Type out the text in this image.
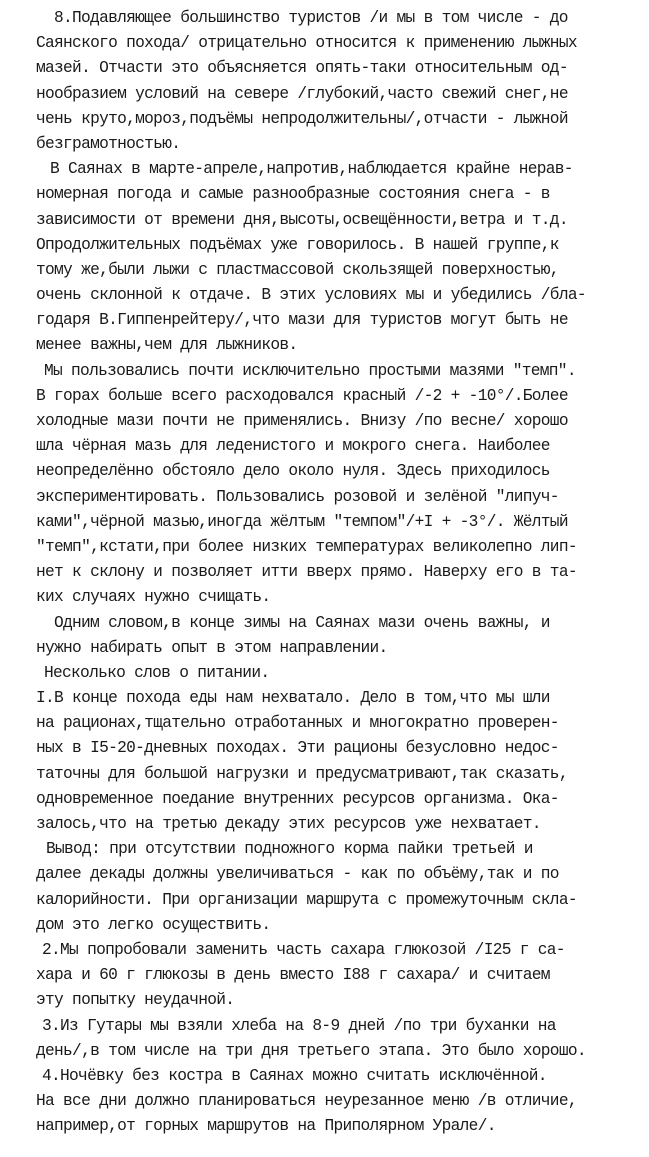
8.Подавляющее большинство туристов /и мы в том числе - до
Саянского похода/ отрицательно относится к применению лыжных
мазей. Отчасти это объясняется опять-таки относительным од-
нообразием условий на севере /глубокий,часто свежий снег,не
чень круто,мороз,подъёмы непродолжительны/,отчасти - лыжной
безграмотностью.
В Саянах в марте-апреле,напротив,наблюдается крайне нерав-
номерная погода и самые разнообразные состояния снега - в
зависимости от времени дня,высоты,освещённости,ветра и т.д.
Опродолжительных подъёмах уже говорилось. В нашей группе,к
тому же,были лыжи с пластмассовой скользящей поверхностью,
очень склонной к отдаче. В этих условиях мы и убедились /бла-
годаря В.Гиппенрейтеру/,что мази для туристов могут быть не
менее важны,чем для лыжников.
Мы пользовались почти исключительно простыми мазями "темп".
В горах больше всего расходовался красный /-2 + -10°/.Более
холодные мази почти не применялись. Внизу /по весне/ хорошо
шла чёрная мазь для леденистого и мокрого снега. Наиболее
неопределённо обстояло дело около нуля. Здесь приходилось
экспериментировать. Пользовались розовой и зелёной "липуч-
ками",чёрной мазью,иногда жёлтым "темпом"/+I + -3°/. Жёлтый
"темп",кстати,при более низких температурах великолепно лип-
нет к склону и позволяет итти вверх прямо. Наверху его в та-
ких случаях нужно счищать.
Одним словом,в конце зимы на Саянах мази очень важны, и
нужно набирать опыт в этом направлении.
Несколько слов о питании.
I.В конце похода еды нам нехватало. Дело в том,что мы шли
на рационах,тщательно отработанных и многократно проверен-
ных в I5-20-дневных походах. Эти рационы безусловно недос-
таточны для большой нагрузки и предусматривают,так сказать,
одновременное поедание внутренних ресурсов организма. Ока-
залось,что на третью декаду этих ресурсов уже нехватает.
Вывод: при отсутствии подножного корма пайки третьей и
далее декады должны увеличиваться - как по объёму,так и по
калорийности. При организации маршрута с промежуточным скла-
дом это легко осуществить.
2.Мы попробовали заменить часть сахара глюкозой /I25 г са-
хара и 60 г глюкозы в день вместо I88 г сахара/ и считаем
эту попытку неудачной.
3.Из Гутары мы взяли хлеба на 8-9 дней /по три буханки на
день/,в том числе на три дня третьего этапа. Это было хорошо.
4.Ночёвку без костра в Саянах можно считать исключённой.
На все дни должно планироваться неурезанное меню /в отличие,
например,от горных маршрутов на Приполярном Урале/.
